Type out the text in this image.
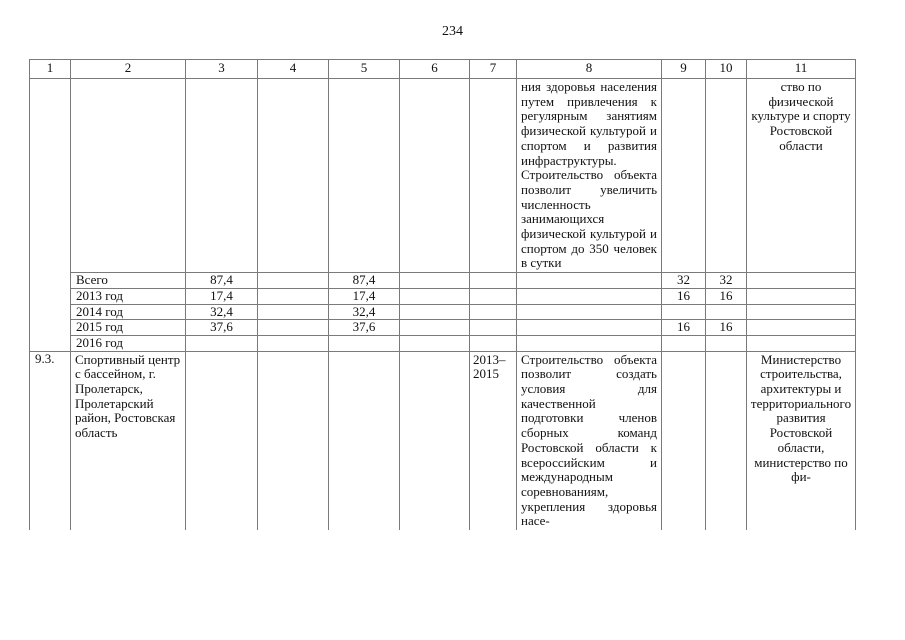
234
1	2	3	4	5	6	7	8	9	10	11
							ния здоровья населения путем привлечения к регулярным занятиям физической культурой и спортом и развития инфраструктуры. Строительство объекта позволит увеличить численность занимающихся физической культурой и спортом до 350 человек в сутки			ство по физической культуре и спорту Ростовской области
	Всего	87,4		87,4				32	32	
	2013 год	17,4		17,4				16	16	
	2014 год	32,4		32,4						
	2015 год	37,6		37,6				16	16	
	2016 год									
9.3.	Спортивный центр с бассейном, г. Пролетарск, Пролетарский район, Ростовская область					2013–2015	Строительство объекта позволит создать условия для качественной подготовки членов сборных команд Ростовской области к всероссийским и международным соревнованиям, укрепления здоровья насе-			Министерство строительства, архитектуры и территориального развития Ростовской области, министерство по фи-
